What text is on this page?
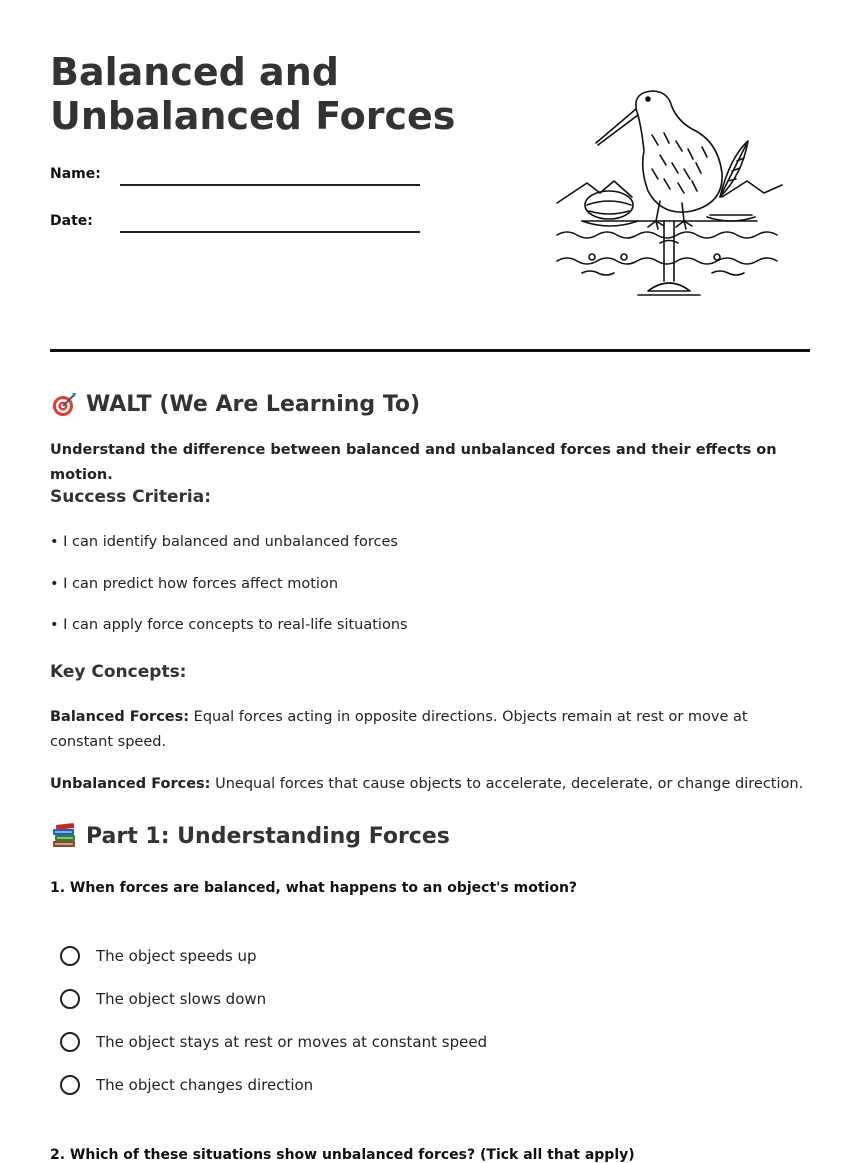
Balanced and Unbalanced Forces
Name:
Date:
WALT (We Are Learning To)

Understand the difference between balanced and unbalanced forces and their effects on motion.

Success Criteria:

• I can identify balanced and unbalanced forces

• I can predict how forces affect motion

• I can apply force concepts to real-life situations

Key Concepts:

Balanced Forces: Equal forces acting in opposite directions. Objects remain at rest or move at constant speed.

Unbalanced Forces: Unequal forces that cause objects to accelerate, decelerate, or change direction.

Part 1: Understanding Forces
1. When forces are balanced, what happens to an object's motion?
The object speeds up
The object slows down
The object stays at rest or moves at constant speed
The object changes direction
2. Which of these situations show unbalanced forces? (Tick all that apply)
